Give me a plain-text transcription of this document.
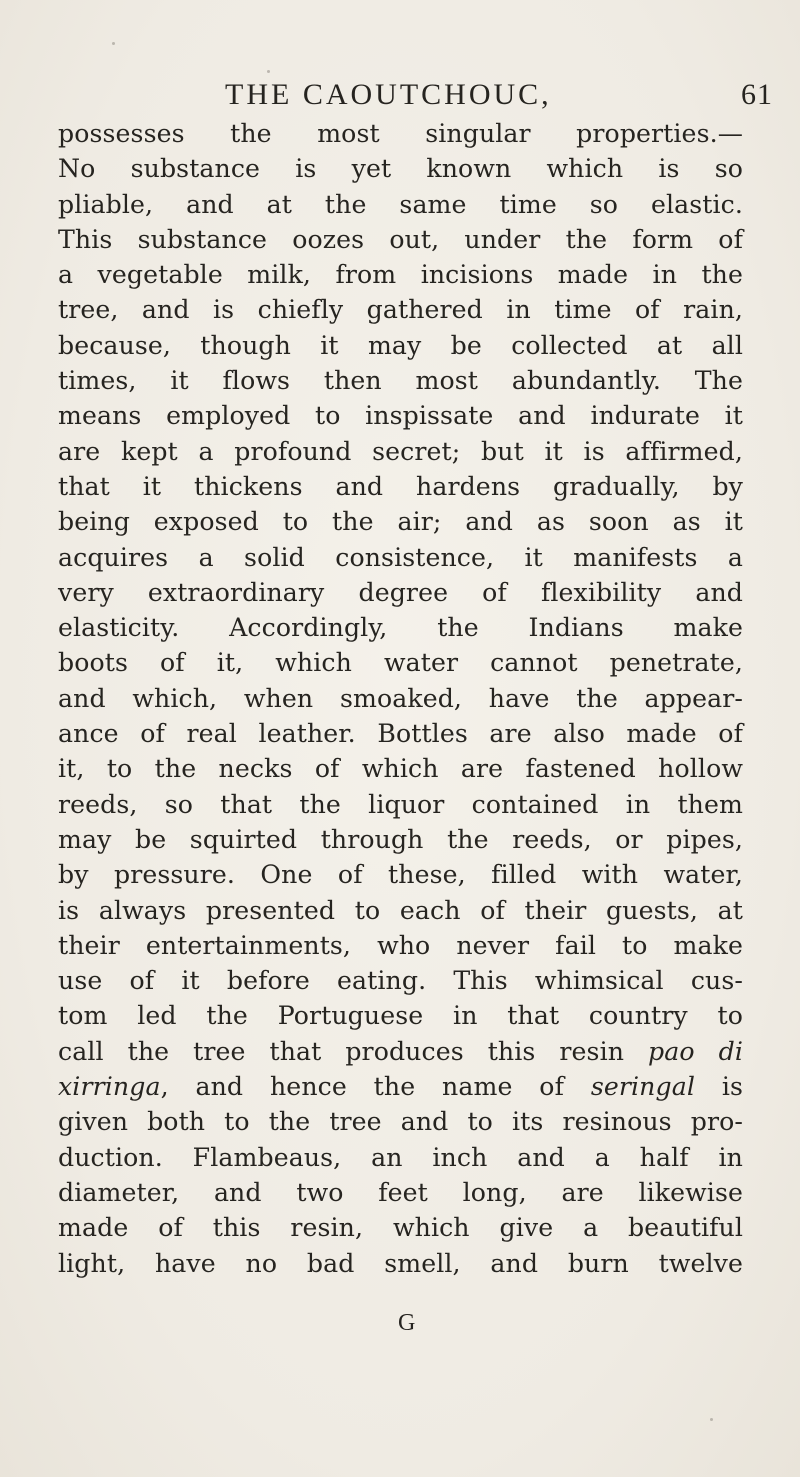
THE CAOUTCHOUC,	61
possesses the most singular properties.—
No substance is yet known which is so
pliable, and at the same time so elastic.
This substance oozes out, under the form of
a vegetable milk, from incisions made in the
tree, and is chiefly gathered in time of rain,
because, though it may be collected at all
times, it flows then most abundantly. The
means employed to inspissate and indurate it
are kept a profound secret; but it is affirmed,
that it thickens and hardens gradually, by
being exposed to the air; and as soon as it
acquires a solid consistence, it manifests a
very extraordinary degree of flexibility and
elasticity. Accordingly, the Indians make
boots of it, which water cannot penetrate,
and which, when smoaked, have the appear-
ance of real leather. Bottles are also made of
it, to the necks of which are fastened hollow
reeds, so that the liquor contained in them
may be squirted through the reeds, or pipes,
by pressure. One of these, filled with water,
is always presented to each of their guests, at
their entertainments, who never fail to make
use of it before eating. This whimsical cus-
tom led the Portuguese in that country to
call the tree that produces this resin pao di
xirringa, and hence the name of seringal is
given both to the tree and to its resinous pro-
duction. Flambeaus, an inch and a half in
diameter, and two feet long, are likewise
made of this resin, which give a beautiful
light, have no bad smell, and burn twelve
G
